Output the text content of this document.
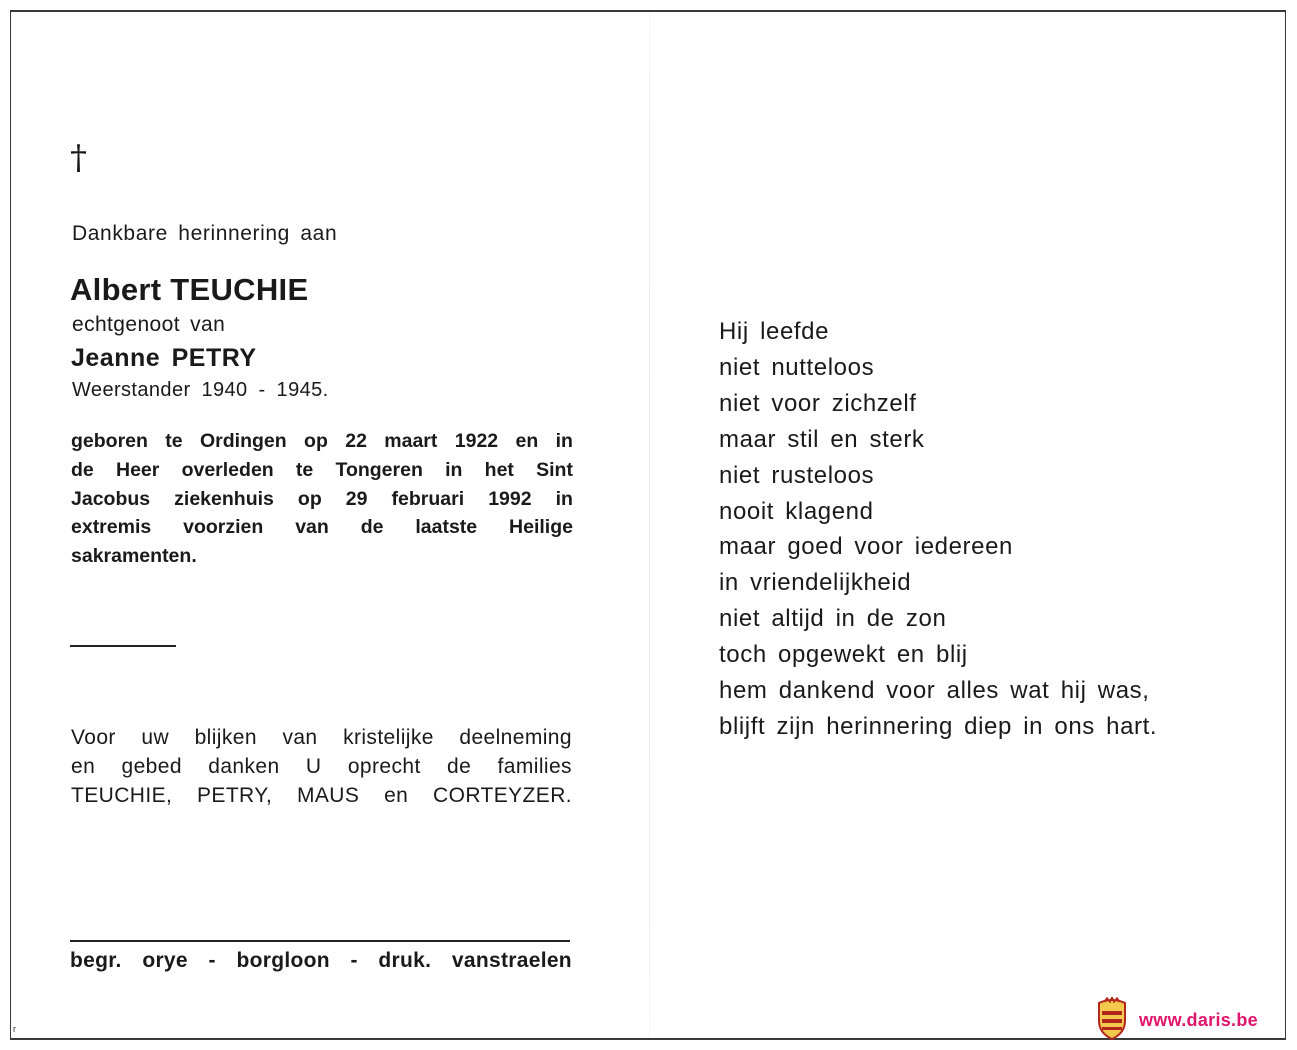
†
Dankbare herinnering aan
Albert TEUCHIE
echtgenoot van
Jeanne PETRY
Weerstander 1940 - 1945.
geboren te Ordingen op 22 maart 1922 en in
de Heer overleden te Tongeren in het Sint
Jacobus ziekenhuis op 29 februari 1992 in
extremis voorzien van de laatste Heilige
sakramenten.
Voor uw blijken van kristelijke deelneming
en gebed danken U oprecht de families
TEUCHIE, PETRY, MAUS en CORTEYZER.
begr. orye - borgloon - druk. vanstraelen
Hij leefde
niet nutteloos
niet voor zichzelf
maar stil en sterk
niet rusteloos
nooit klagend
maar goed voor iedereen
in vriendelijkheid
niet altijd in de zon
toch opgewekt en blij
hem dankend voor alles wat hij was,
blijft zijn herinnering diep in ons hart.
r	www.daris.be
